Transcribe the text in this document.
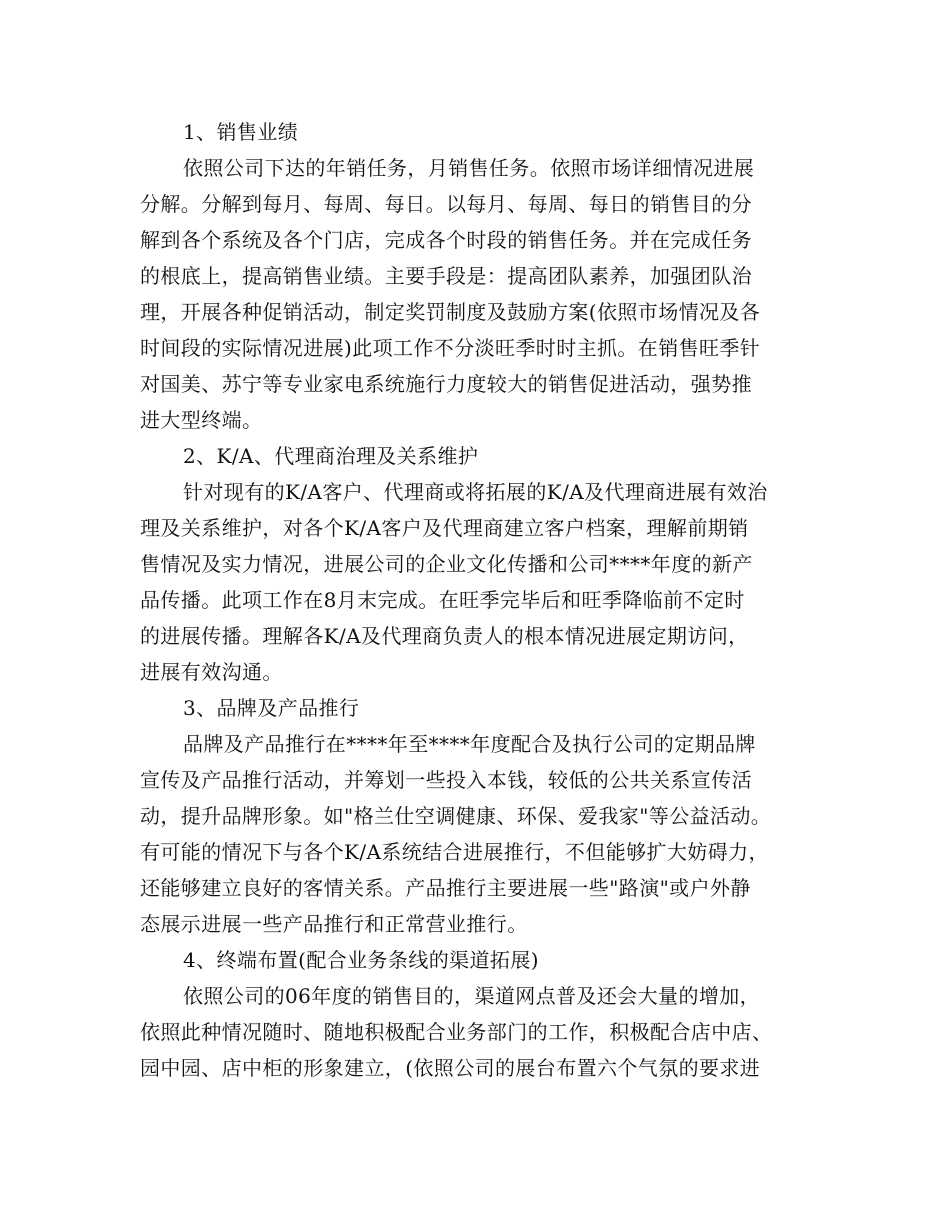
1、销售业绩
依照公司下达的年销任务，月销售任务。依照市场详细情况进展
分解。分解到每月、每周、每日。以每月、每周、每日的销售目的分
解到各个系统及各个门店，完成各个时段的销售任务。并在完成任务
的根底上，提高销售业绩。主要手段是：提高团队素养，加强团队治
理，开展各种促销活动，制定奖罚制度及鼓励方案(依照市场情况及各
时间段的实际情况进展)此项工作不分淡旺季时时主抓。在销售旺季针
对国美、苏宁等专业家电系统施行力度较大的销售促进活动，强势推
进大型终端。
2、K/A、代理商治理及关系维护
针对现有的K/A客户、代理商或将拓展的K/A及代理商进展有效治
理及关系维护，对各个K/A客户及代理商建立客户档案，理解前期销
售情况及实力情况，进展公司的企业文化传播和公司****年度的新产
品传播。此项工作在8月末完成。在旺季完毕后和旺季降临前不定时
的进展传播。理解各K/A及代理商负责人的根本情况进展定期访问，
进展有效沟通。
3、品牌及产品推行
品牌及产品推行在****年至****年度配合及执行公司的定期品牌
宣传及产品推行活动，并筹划一些投入本钱，较低的公共关系宣传活
动，提升品牌形象。如"格兰仕空调健康、环保、爱我家"等公益活动。
有可能的情况下与各个K/A系统结合进展推行，不但能够扩大妨碍力，
还能够建立良好的客情关系。产品推行主要进展一些"路演"或户外静
态展示进展一些产品推行和正常营业推行。
4、终端布置(配合业务条线的渠道拓展)
依照公司的06年度的销售目的，渠道网点普及还会大量的增加，
依照此种情况随时、随地积极配合业务部门的工作，积极配合店中店、
园中园、店中柜的形象建立，(依照公司的展台布置六个气氛的要求进
